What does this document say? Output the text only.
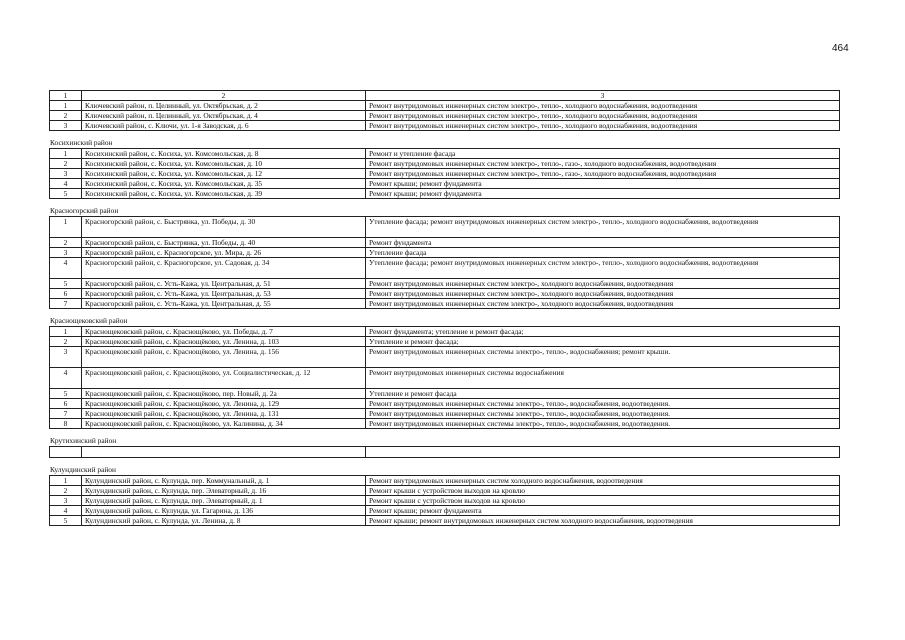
464
1	2	3
1	Ключевский район, п. Целинный, ул. Октябрьская, д. 2	Ремонт внутридомовых инженерных систем электро-, тепло-, холодного водоснабжения, водоотведения
2	Ключевский район, п. Целинный, ул. Октябрьская, д. 4	Ремонт внутридомовых инженерных систем электро-, тепло-, холодного водоснабжения, водоотведения
3	Ключевский район, с. Ключи, ул. 1-я Заводская, д. 6	Ремонт внутридомовых инженерных систем электро-, тепло-, холодного водоснабжения, водоотведения
Косихинский район
1	Косихинский район, с. Косиха, ул. Комсомольская, д. 8	Ремонт и утепление фасада
2	Косихинский район, с. Косиха, ул. Комсомольская, д. 10	Ремонт внутридомовых инженерных систем электро-, тепло-, газо-, холодного водоснабжения, водоотведения
3	Косихинский район, с. Косиха, ул. Комсомольская, д. 12	Ремонт внутридомовых инженерных систем электро-, тепло-, газо-, холодного водоснабжения, водоотведения
4	Косихинский район, с. Косиха, ул. Комсомольская, д. 35	Ремонт крыши; ремонт фундамента
5	Косихинский район, с. Косиха, ул. Комсомольская, д. 39	Ремонт крыши; ремонт фундамента
Красногорский район
1	Красногорский район, с. Быстрянка, ул. Победы, д. 30	Утепление фасада; ремонт внутридомовых инженерных систем электро-, тепло-, холодного водоснабжения, водоотведения
2	Красногорский район, с. Быстрянка, ул. Победы, д. 40	Ремонт фундамента
3	Красногорский район, с. Красногорское, ул. Мира, д. 26	Утепление фасада
4	Красногорский район, с. Красногорское, ул. Садовая, д. 34	Утепление фасада; ремонт внутридомовых инженерных систем электро-, тепло-, холодного водоснабжения, водоотведения
5	Красногорский район, с. Усть-Кажа, ул. Центральная, д. 51	Ремонт внутридомовых инженерных систем электро-, холодного водоснабжения, водоотведения
6	Красногорский район, с. Усть-Кажа, ул. Центральная, д. 53	Ремонт внутридомовых инженерных систем электро-, холодного водоснабжения, водоотведения
7	Красногорский район, с. Усть-Кажа, ул. Центральная, д. 55	Ремонт внутридомовых инженерных систем электро-, холодного водоснабжения, водоотведения
Краснощековский район
1	Краснощековский район, с. Краснощёково, ул. Победы, д. 7	Ремонт фундамента; утепление и ремонт фасада;
2	Краснощековский район, с. Краснощёково, ул. Ленина, д. 103	Утепление и ремонт фасада;
3	Краснощековский район, с. Краснощёково, ул. Ленина, д. 156	Ремонт внутридомовых инженерных системы электро-, тепло-, водоснабжения; ремонт крыши.
4	Краснощековский район, с. Краснощёково, ул. Социалистическая, д. 12	Ремонт внутридомовых инженерных системы водоснабжения
5	Краснощековский район, с. Краснощёково, пер. Новый, д. 2а	Утепление и ремонт фасада
6	Краснощековский район, с. Краснощёково, ул. Ленина, д. 129	Ремонт внутридомовых инженерных системы электро-, тепло-, водоснабжения, водоотведения.
7	Краснощековский район, с. Краснощёково, ул. Ленина, д. 131	Ремонт внутридомовых инженерных системы электро-, тепло-, водоснабжения, водоотведения.
8	Краснощековский район, с. Краснощёково, ул. Калинина, д. 34	Ремонт внутридомовых инженерных системы электро-, тепло-, водоснабжения, водоотведения.
Крутихинский район
Кулундинский район
1	Кулундинский район, с. Кулунда, пер. Коммунальный, д. 1	Ремонт внутридомовых инженерных систем холодного водоснабжения, водоотведения
2	Кулундинский район, с. Кулунда, пер. Элеваторный, д. 16	Ремонт крыши с устройством выходов на кровлю
3	Кулундинский район, с. Кулунда, пер. Элеваторный, д. 1	Ремонт крыши с устройством выходов на кровлю
4	Кулундинский район, с. Кулунда, ул. Гагарина, д. 136	Ремонт крыши; ремонт фундамента
5	Кулундинский район, с. Кулунда, ул. Ленина, д. 8	Ремонт крыши; ремонт внутридомовых инженерных систем холодного водоснабжения, водоотведения
